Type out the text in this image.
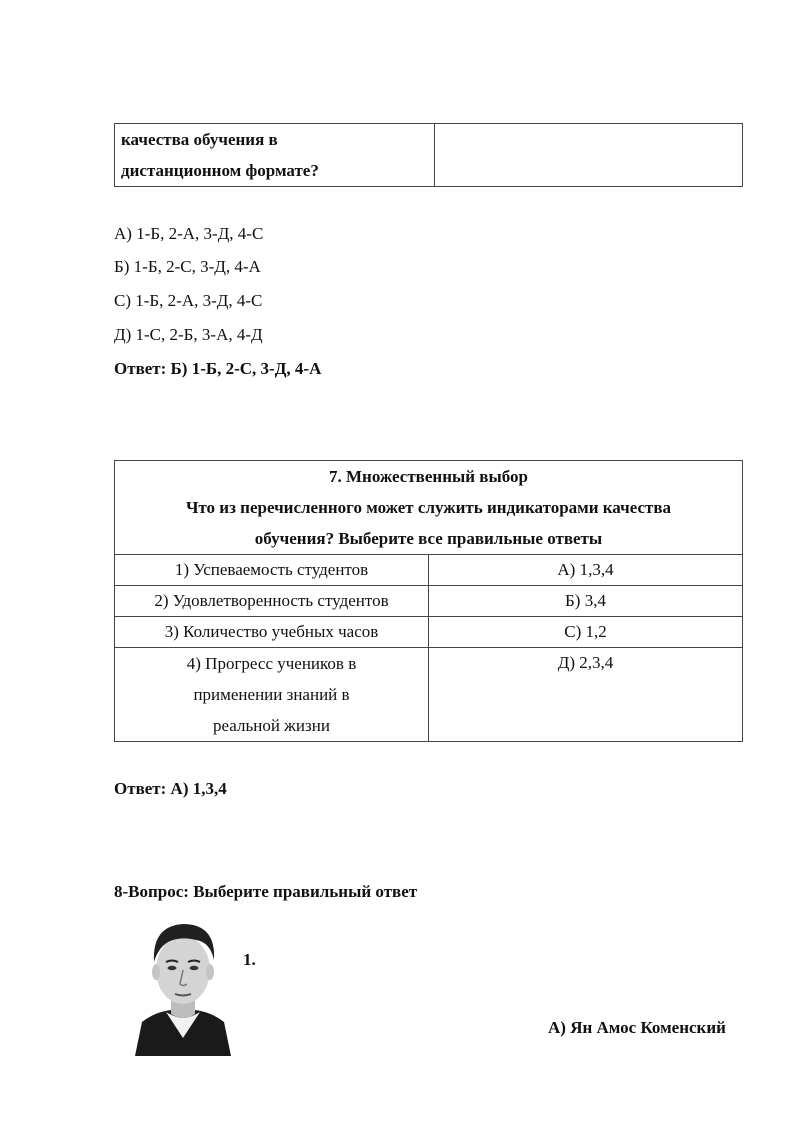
качества обучения в
дистанционном формате?

А) 1-Б, 2-А, 3-Д, 4-С
Б) 1-Б, 2-С, 3-Д, 4-А
С) 1-Б, 2-А, 3-Д, 4-С
Д) 1-С, 2-Б, 3-А, 4-Д
Ответ: Б) 1-Б, 2-С, 3-Д, 4-А
7. Множественный выбор
Что из перечисленного может служить индикаторами качества
обучения? Выберите все правильные ответы	

1) Успеваемость студентов	А) 1,3,4
2) Удовлетворенность студентов	Б) 3,4
3) Количество учебных часов	С) 1,2

4) Прогресс учеников в
применении знаний в
реальной жизни	Д) 2,3,4
Ответ: А) 1,3,4
8-Вопрос: Выберите правильный ответ
1.
А) Ян Амос Коменский
